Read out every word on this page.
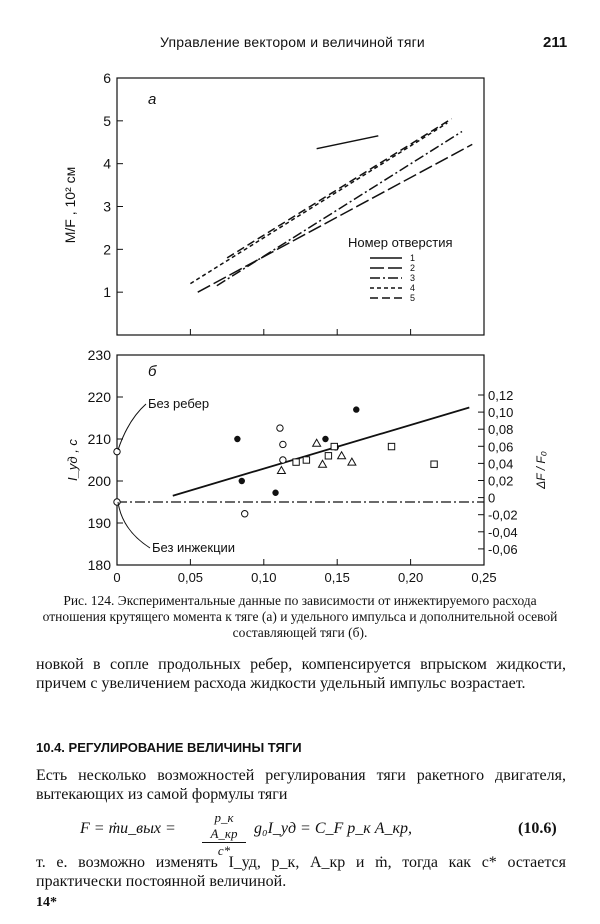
Управление вектором и величиной тяги	211
1
2
3
4
5
6
1
2
3
4
5
180
190
200
210
220
230
0	0,05	0,10	0,15	0,20	0,25
0,12
0,10
0,08
0,06
0,04
0,02
0
-0,02
-0,04
-0,06
а
б
M/F , 10² см
I_уд , с	ΔF / F₀
Номер отверстия
Без ребер
Без инжекции
Рис. 124. Экспериментальные данные по зависимости от инжектируемого расхода отношения крутящего момента к тяге (а) и удельного импульса и дополнительной осевой составляющей тяги (б).
новкой в сопле продольных ребер, компенсируется впрыском жидкости, причем с увеличением расхода жидкости удельный импульс возрастает.
10.4. РЕГУЛИРОВАНИЕ ВЕЛИЧИНЫ ТЯГИ
Есть несколько возможностей регулирования тяги ракетного двигателя, вытекающих из самой формулы тяги
F = ṁu_вых =
p_к A_кр
c*
g₀I_уд = C_F p_к A_кр,	(10.6)
т. е. возможно изменять I_уд, p_к, A_кр и ṁ, тогда как c* остается практически постоянной величиной.
14*
